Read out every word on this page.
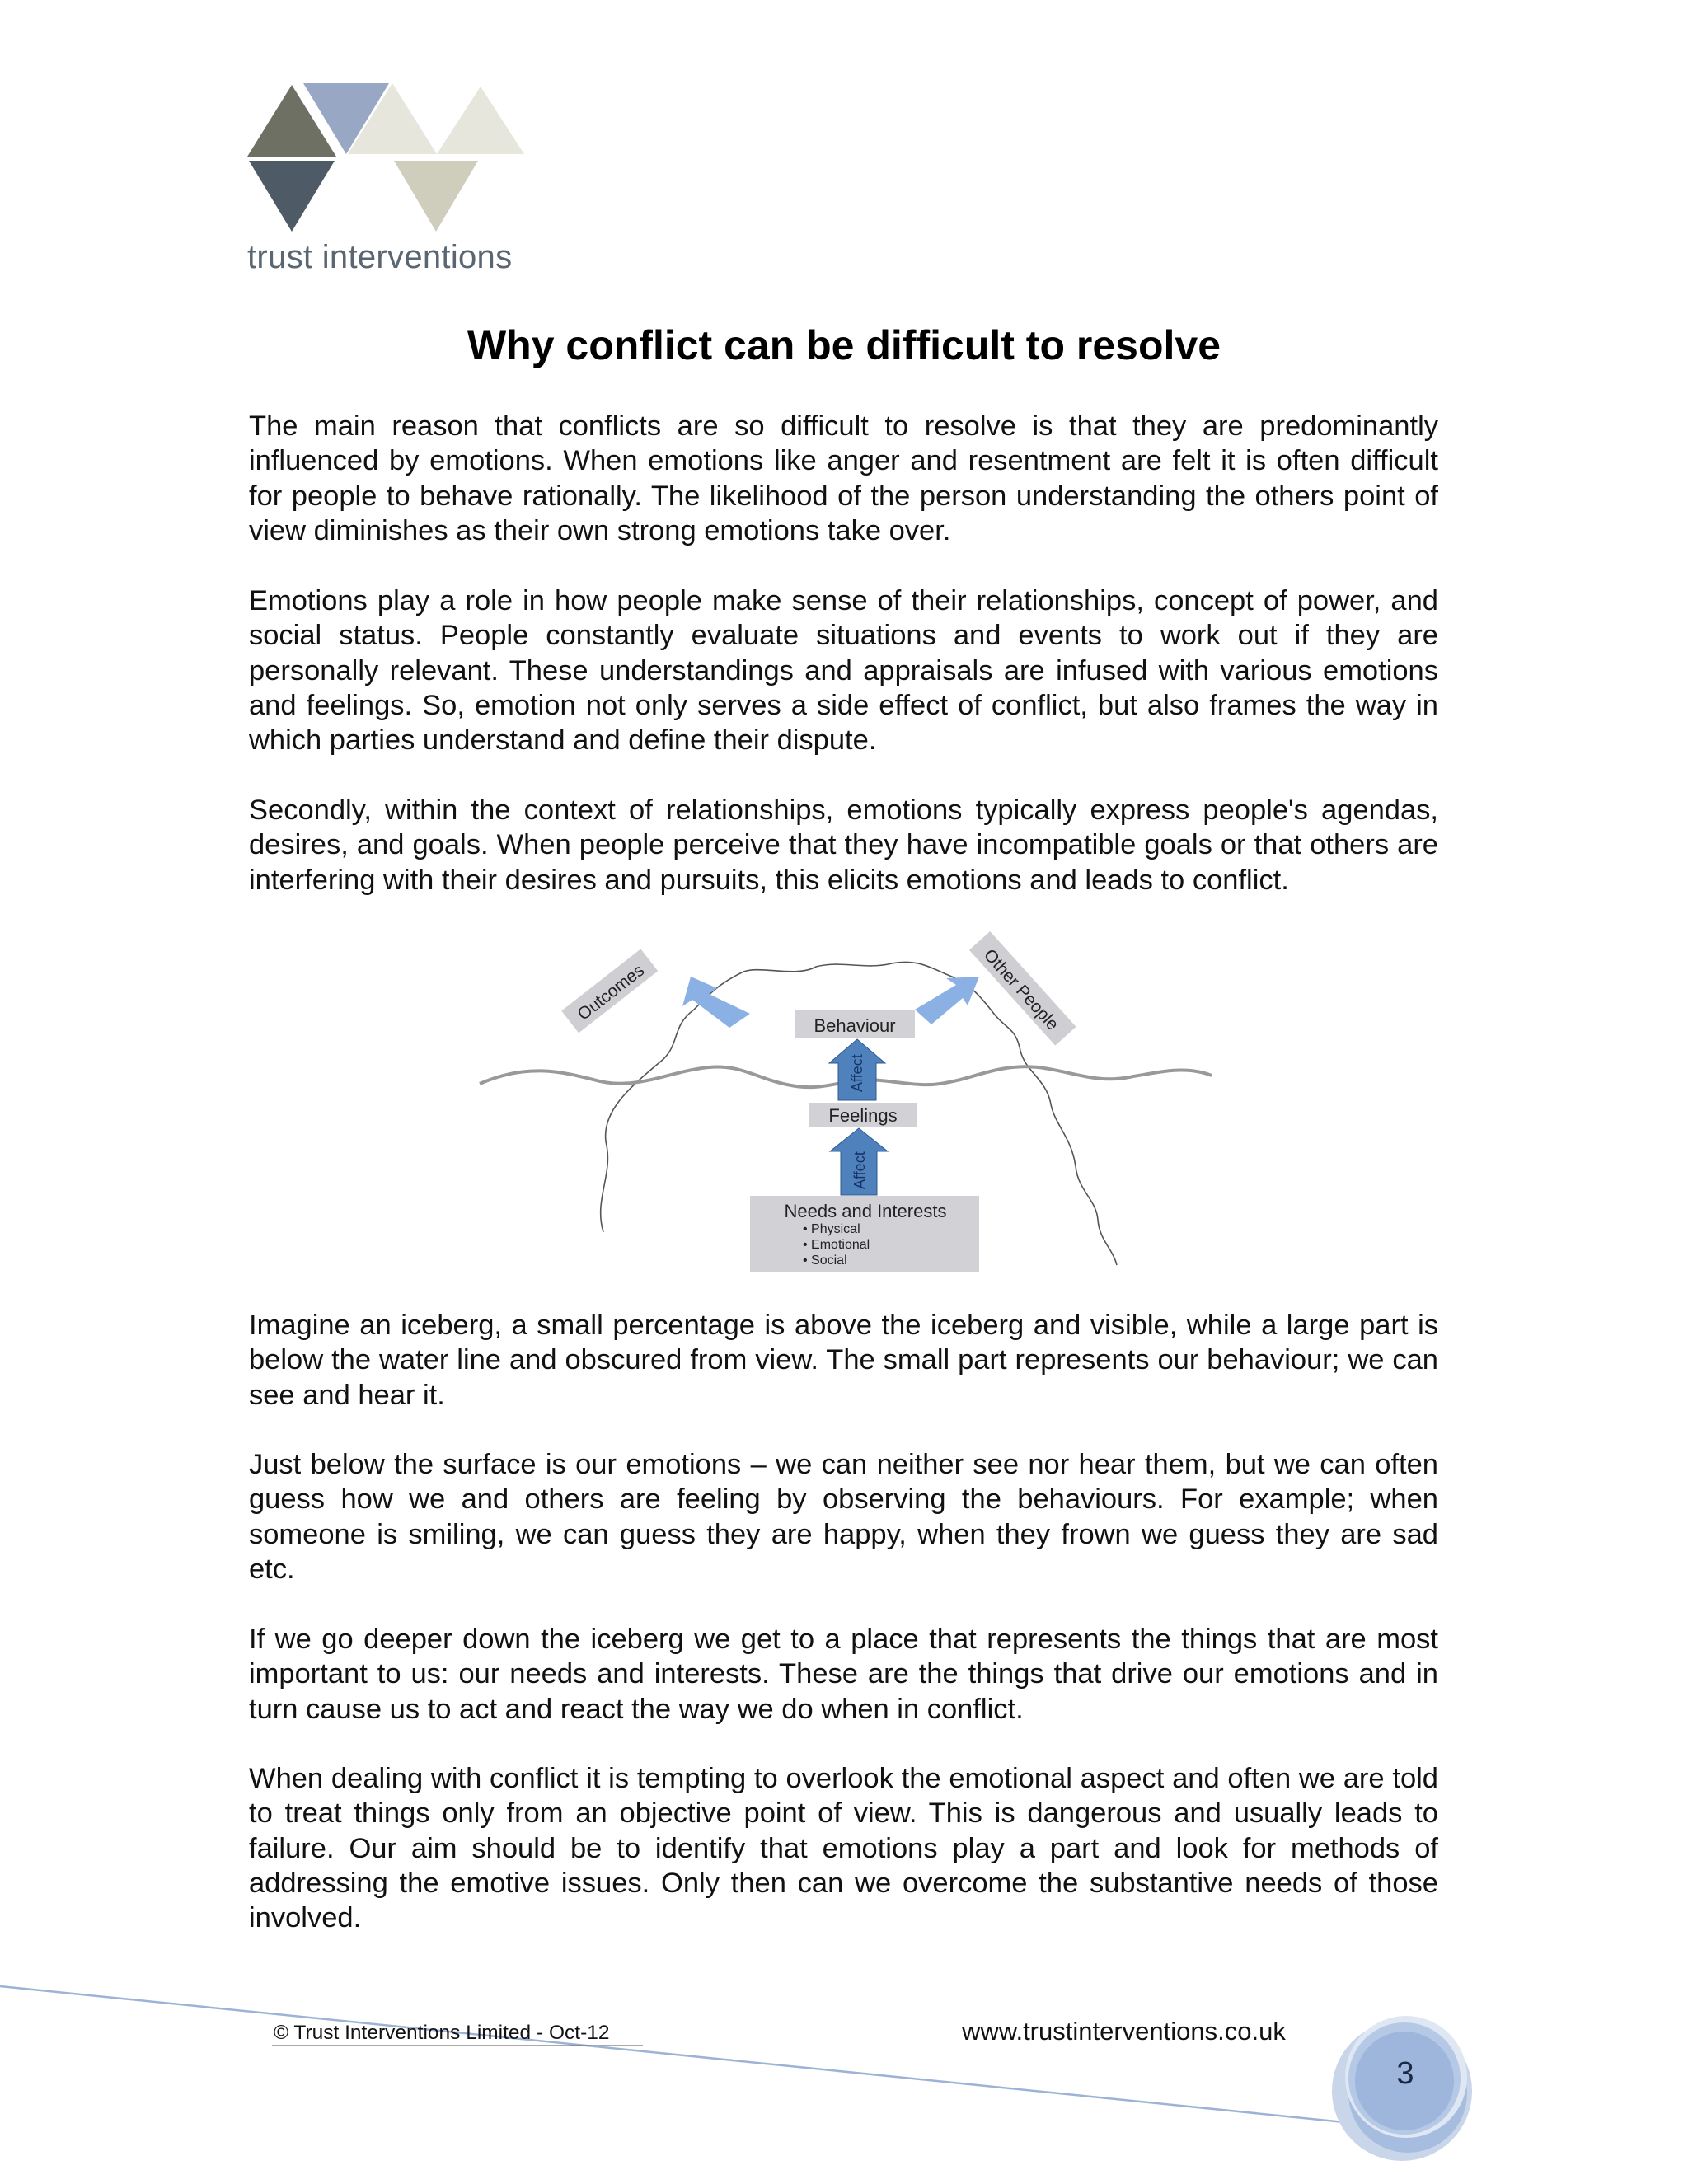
trust interventions
Why conflict can be difficult to resolve

The main reason that conflicts are so difficult to resolve is that they are predominantly influenced by emotions. When emotions like anger and resentment are felt it is often difficult for people to behave rationally. The likelihood of the person understanding the others point of view diminishes as their own strong emotions take over.

Emotions play a role in how people make sense of their relationships, concept of power, and social status. People constantly evaluate situations and events to work out if they are personally relevant. These understandings and appraisals are infused with various emotions and feelings. So, emotion not only serves a side effect of conflict, but also frames the way in which parties understand and define their dispute.

Secondly, within the context of relationships, emotions typically express people's agendas, desires, and goals. When people perceive that they have incompatible goals or that others are interfering with their desires and pursuits, this elicits emotions and leads to conflict.

Outcomes	Other People
Behaviour
Affect
Feelings
Affect
Needs and Interests
• Physical
• Emotional
• Social

Imagine an iceberg, a small percentage is above the iceberg and visible, while a large part is below the water line and obscured from view. The small part represents our behaviour; we can see and hear it.

Just below the surface is our emotions – we can neither see nor hear them, but we can often guess how we and others are feeling by observing the behaviours. For example; when someone is smiling, we can guess they are happy, when they frown we guess they are sad etc.

If we go deeper down the iceberg we get to a place that represents the things that are most important to us: our needs and interests. These are the things that drive our emotions and in turn cause us to act and react the way we do when in conflict.

When dealing with conflict it is tempting to overlook the emotional aspect and often we are told to treat things only from an objective point of view. This is dangerous and usually leads to failure. Our aim should be to identify that emotions play a part and look for methods of addressing the emotive issues. Only then can we overcome the substantive needs of those involved.

3
© Trust Interventions Limited - Oct-12	www.trustinterventions.co.uk
